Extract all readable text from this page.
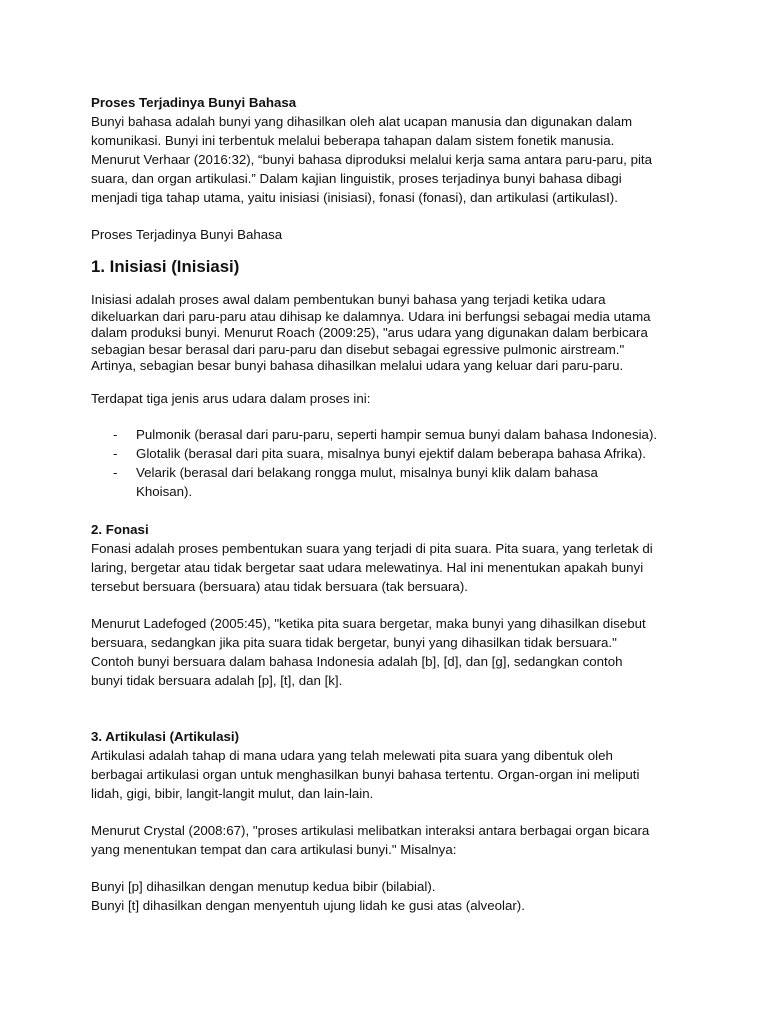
Proses Terjadinya Bunyi Bahasa

Bunyi bahasa adalah bunyi yang dihasilkan oleh alat ucapan manusia dan digunakan dalam
komunikasi. Bunyi ini terbentuk melalui beberapa tahapan dalam sistem fonetik manusia.
Menurut Verhaar (2016:32), “bunyi bahasa diproduksi melalui kerja sama antara paru-paru, pita
suara, dan organ artikulasi.” Dalam kajian linguistik, proses terjadinya bunyi bahasa dibagi
menjadi tiga tahap utama, yaitu inisiasi (inisiasi), fonasi (fonasi), dan artikulasi (artikulasI).

Proses Terjadinya Bunyi Bahasa

1. Inisiasi (Inisiasi)
Inisiasi adalah proses awal dalam pembentukan bunyi bahasa yang terjadi ketika udara
dikeluarkan dari paru-paru atau dihisap ke dalamnya. Udara ini berfungsi sebagai media utama
dalam produksi bunyi. Menurut Roach (2009:25), "arus udara yang digunakan dalam berbicara
sebagian besar berasal dari paru-paru dan disebut sebagai egressive pulmonic airstream."
Artinya, sebagian besar bunyi bahasa dihasilkan melalui udara yang keluar dari paru-paru.

Terdapat tiga jenis arus udara dalam proses ini:

- Pulmonik (berasal dari paru-paru, seperti hampir semua bunyi dalam bahasa Indonesia).
- Glotalik (berasal dari pita suara, misalnya bunyi ejektif dalam beberapa bahasa Afrika).
- Velarik (berasal dari belakang rongga mulut, misalnya bunyi klik dalam bahasa
Khoisan).

2. Fonasi

Fonasi adalah proses pembentukan suara yang terjadi di pita suara. Pita suara, yang terletak di
laring, bergetar atau tidak bergetar saat udara melewatinya. Hal ini menentukan apakah bunyi
tersebut bersuara (bersuara) atau tidak bersuara (tak bersuara).
Menurut Ladefoged (2005:45), "ketika pita suara bergetar, maka bunyi yang dihasilkan disebut
bersuara, sedangkan jika pita suara tidak bergetar, bunyi yang dihasilkan tidak bersuara."
Contoh bunyi bersuara dalam bahasa Indonesia adalah [b], [d], dan [g], sedangkan contoh
bunyi tidak bersuara adalah [p], [t], dan [k].

3. Artikulasi (Artikulasi)

Artikulasi adalah tahap di mana udara yang telah melewati pita suara yang dibentuk oleh
berbagai artikulasi organ untuk menghasilkan bunyi bahasa tertentu. Organ-organ ini meliputi
lidah, gigi, bibir, langit-langit mulut, dan lain-lain.
Menurut Crystal (2008:67), "proses artikulasi melibatkan interaksi antara berbagai organ bicara
yang menentukan tempat dan cara artikulasi bunyi." Misalnya:
Bunyi [p] dihasilkan dengan menutup kedua bibir (bilabial).
Bunyi [t] dihasilkan dengan menyentuh ujung lidah ke gusi atas (alveolar).
